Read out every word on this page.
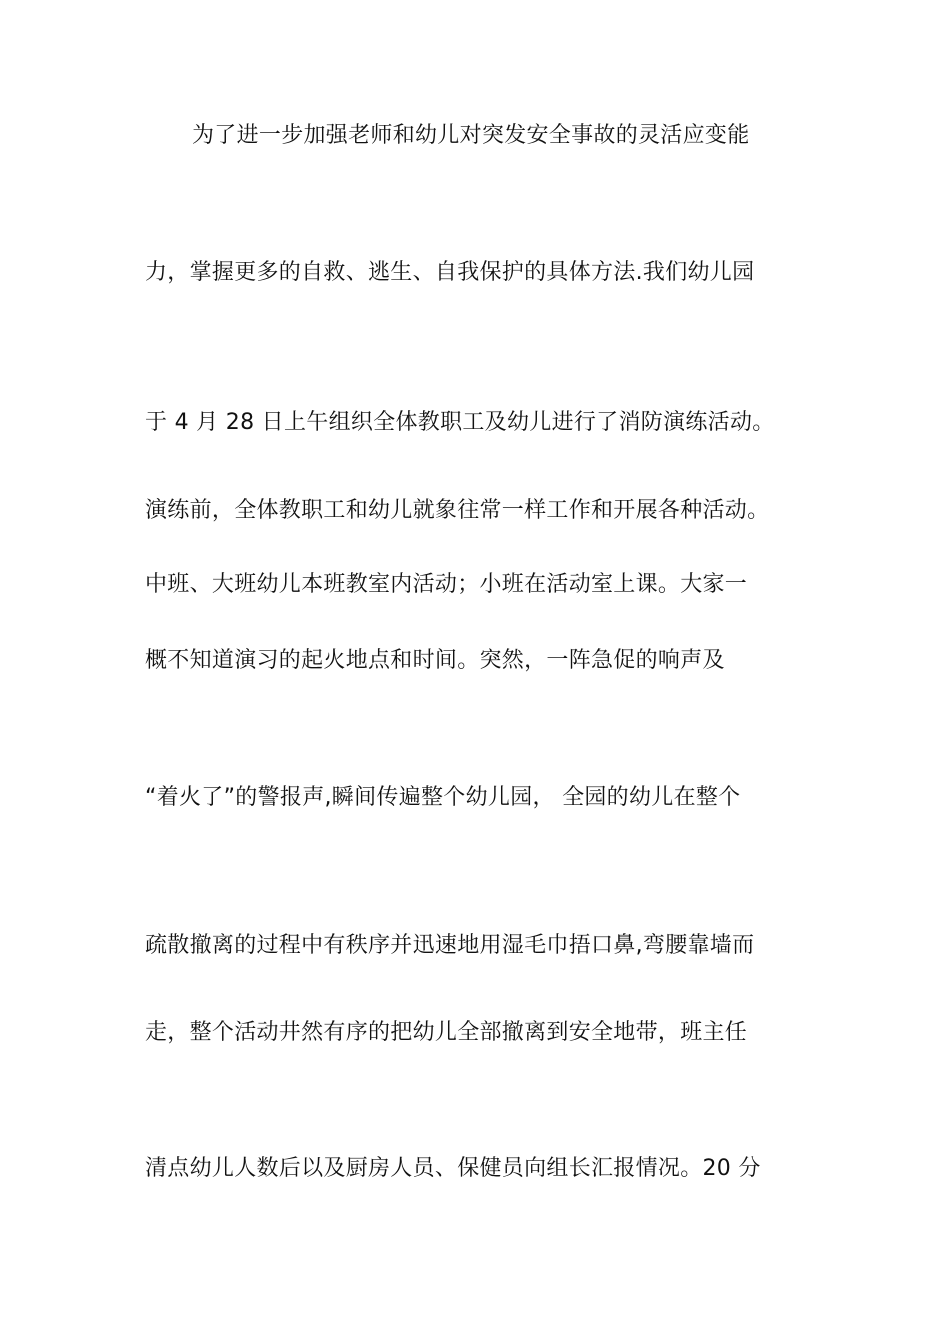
为了进一步加强老师和幼儿对突发安全事故的灵活应变能
力，掌握更多的自救、逃生、自我保护的具体方法.我们幼儿园
于 4 月 28 日上午组织全体教职工及幼儿进行了消防演练活动。
演练前，全体教职工和幼儿就象往常一样工作和开展各种活动。
中班、大班幼儿本班教室内活动；小班在活动室上课。大家一
概不知道演习的起火地点和时间。突然，一阵急促的响声及
“着火了”的警报声,瞬间传遍整个幼儿园， 全园的幼儿在整个
疏散撤离的过程中有秩序并迅速地用湿毛巾捂口鼻,弯腰靠墙而
走，整个活动井然有序的把幼儿全部撤离到安全地带，班主任
清点幼儿人数后以及厨房人员、保健员向组长汇报情况。20 分
